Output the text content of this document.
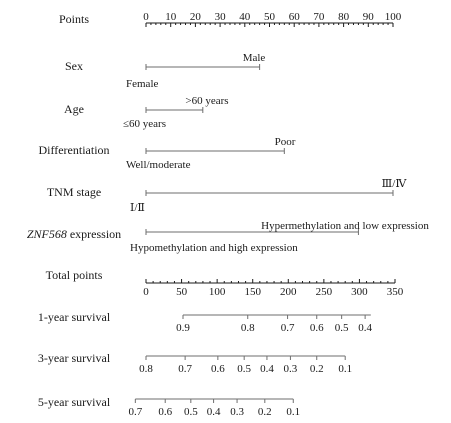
Points	0 10 20 30 40 50 60 70 80 90 100
Sex
Female
Male
Age
≤60 years
>60 years
Differentiation
Well/moderate
Poor
TNM stage
Ⅰ/Ⅱ
Ⅲ/Ⅳ
ZNF568 expression
Hypomethylation and high expression
Hypermethylation and low expression
Total points
0 50 100 150 200 250 300 350
1-year survival
0.9	0.8 0.7 0.6 0.5 0.4
3-year survival
0.8 0.7 0.6 0.5 0.4 0.3 0.2 0.1
5-year survival
0.7 0.6 0.5 0.4 0.3 0.2 0.1
